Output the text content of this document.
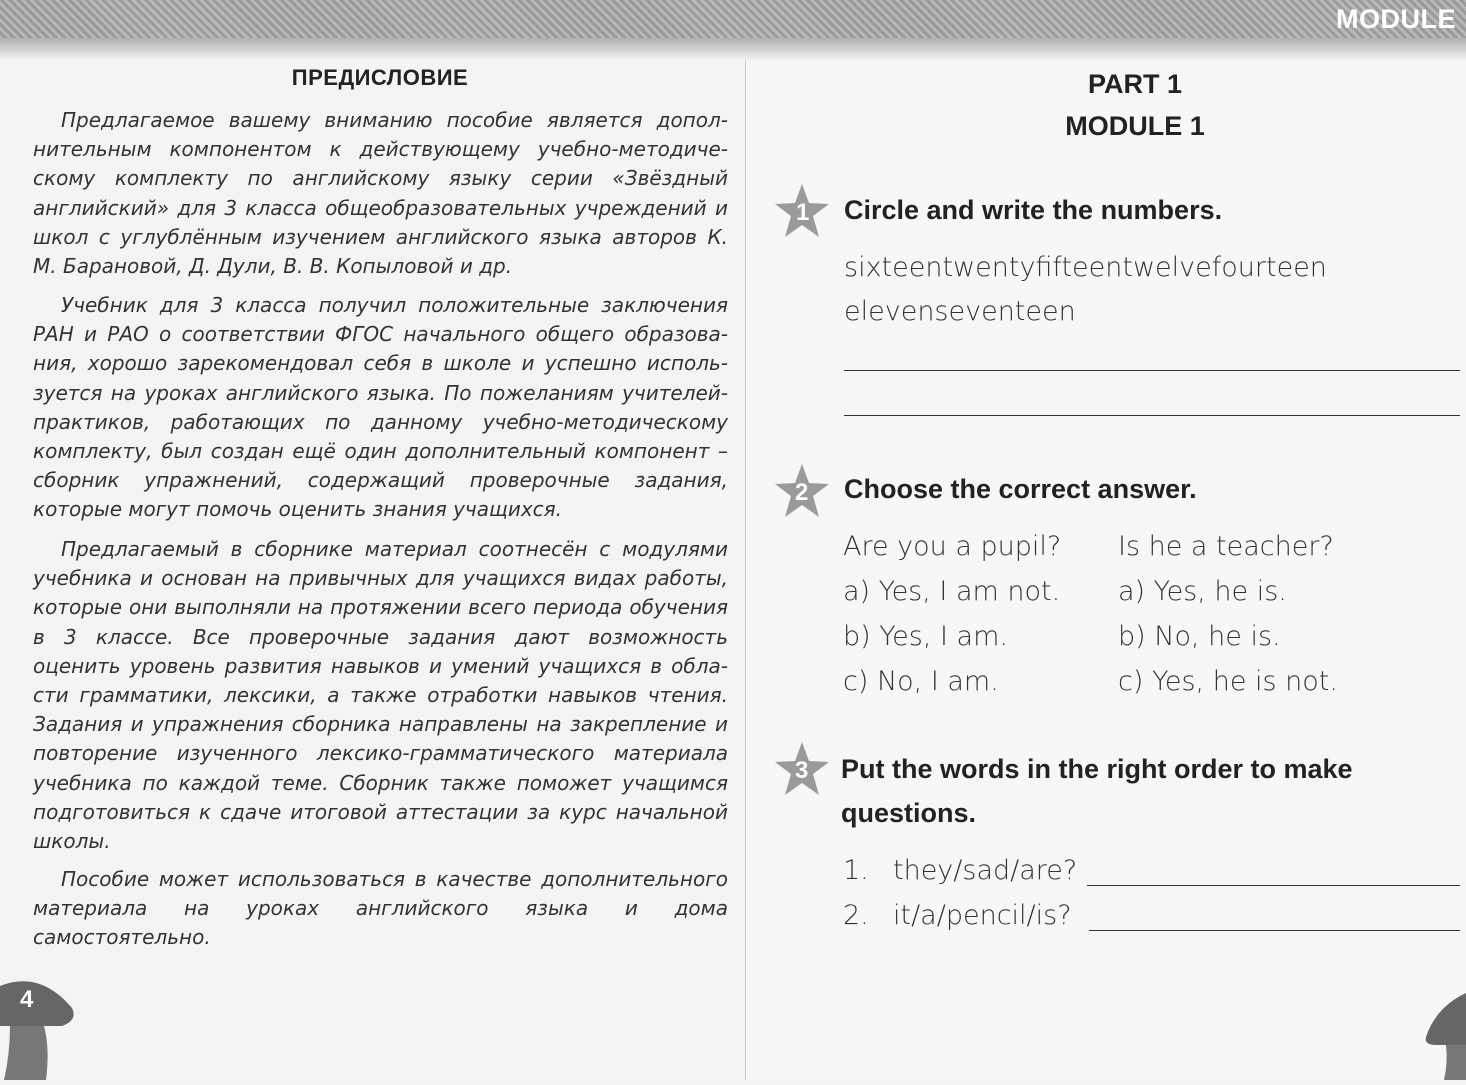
MODULE
ПРЕДИСЛОВИЕ

Предлагаемое вашему вниманию пособие является допол-нительным компонентом к действующему учебно-методиче-скому комплекту по английскому языку серии «Звёздный английский» для 3 класса общеобразовательных учреждений и школ с углублённым изучением английского языка авторов К. М. Барановой, Д. Дули, В. В. Копыловой и др.

Учебник для 3 класса получил положительные заключения РАН и РАО о соответствии ФГОС начального общего образова-ния, хорошо зарекомендовал себя в школе и успешно исполь-зуется на уроках английского языка. По пожеланиям учителей-практиков, работающих по данному учебно-методическому комплекту, был создан ещё один дополнительный компонент – сборник упражнений, содержащий проверочные задания, которые могут помочь оценить знания учащихся.

Предлагаемый в сборнике материал соотнесён с модулями учебника и основан на привычных для учащихся видах работы, которые они выполняли на протяжении всего периода обучения в 3 классе. Все проверочные задания дают возможность оценить уровень развития навыков и умений учащихся в обла-сти грамматики, лексики, а также отработки навыков чтения. Задания и упражнения сборника направлены на закрепление и повторение изученного лексико-грамматического материала учебника по каждой теме. Сборник также поможет учащимся подготовиться к сдаче итоговой аттестации за курс начальной школы.

Пособие может использоваться в качестве дополнительного материала на уроках английского языка и дома самостоятельно.

4
PART 1
MODULE 1
1 Circle and write the numbers.
sixteentwentyfifteentwelvefourteen
elevenseventeen
2 Choose the correct answer.
Are you a pupil?
a) Yes, I am not.
b) Yes, I am.
c) No, I am.
Is he a teacher?
a) Yes, he is.
b) No, he is.
c) Yes, he is not.
3 Put the words in the right order to make
questions.
1. they/sad/are?
2. it/a/pencil/is?
